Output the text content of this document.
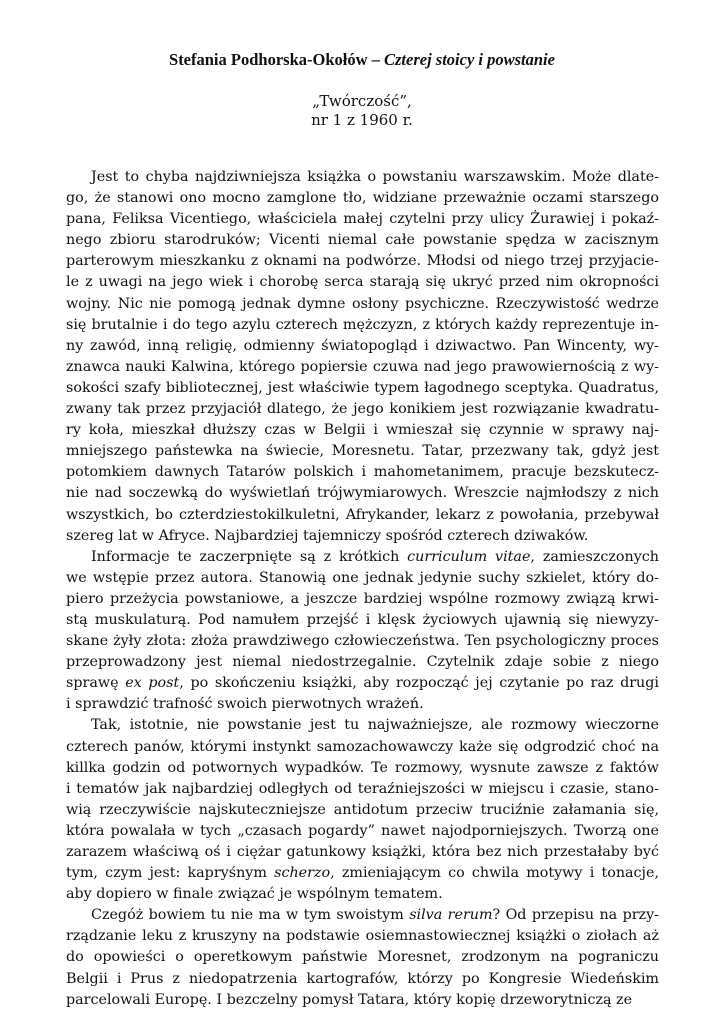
Stefania Podhorska-Okołów – Czterej stoicy i powstanie
„Twórczość”,
nr 1 z 1960 r.
Jest to chyba najdziwniejsza książka o powstaniu warszawskim. Może dlate-
go, że stanowi ono mocno zamglone tło, widziane przeważnie oczami starszego
pana, Feliksa Vicentiego, właściciela małej czytelni przy ulicy Żurawiej i pokaź-
nego zbioru starodruków; Vicenti niemal całe powstanie spędza w zacisznym
parterowym mieszkanku z oknami na podwórze. Młodsi od niego trzej przyjacie-
le z uwagi na jego wiek i chorobę serca starają się ukryć przed nim okropności
wojny. Nic nie pomogą jednak dymne osłony psychiczne. Rzeczywistość wedrze
się brutalnie i do tego azylu czterech mężczyzn, z których każdy reprezentuje in-
ny zawód, inną religię, odmienny światopogląd i dziwactwo. Pan Wincenty, wy-
znawca nauki Kalwina, którego popiersie czuwa nad jego prawowiernością z wy-
sokości szafy bibliotecznej, jest właściwie typem łagodnego sceptyka. Quadratus,
zwany tak przez przyjaciół dlatego, że jego konikiem jest rozwiązanie kwadratu-
ry koła, mieszkał dłuższy czas w Belgii i wmieszał się czynnie w sprawy naj-
mniejszego państewka na świecie, Moresnetu. Tatar, przezwany tak, gdyż jest
potomkiem dawnych Tatarów polskich i mahometanimem, pracuje bezskutecz-
nie nad soczewką do wyświetlań trójwymiarowych. Wreszcie najmłodszy z nich
wszystkich, bo czterdziestokilkuletni, Afrykander, lekarz z powołania, przebywał
szereg lat w Afryce. Najbardziej tajemniczy spośród czterech dziwaków.
Informacje te zaczerpnięte są z krótkich curriculum vitae, zamieszczonych
we wstępie przez autora. Stanowią one jednak jedynie suchy szkielet, który do-
piero przeżycia powstaniowe, a jeszcze bardziej wspólne rozmowy związą krwi-
stą muskulaturą. Pod namułem przejść i klęsk życiowych ujawnią się niewyzy-
skane żyły złota: złoża prawdziwego człowieczeństwa. Ten psychologiczny proces
przeprowadzony jest niemal niedostrzegalnie. Czytelnik zdaje sobie z niego
sprawę ex post, po skończeniu książki, aby rozpocząć jej czytanie po raz drugi
i sprawdzić trafność swoich pierwotnych wrażeń.
Tak, istotnie, nie powstanie jest tu najważniejsze, ale rozmowy wieczorne
czterech panów, którymi instynkt samozachowawczy każe się odgrodzić choć na
killka godzin od potwornych wypadków. Te rozmowy, wysnute zawsze z faktów
i tematów jak najbardziej odległych od teraźniejszości w miejscu i czasie, stano-
wią rzeczywiście najskuteczniejsze antidotum przeciw truciźnie załamania się,
która powalała w tych „czasach pogardy” nawet najodporniejszych. Tworzą one
zarazem właściwą oś i ciężar gatunkowy książki, która bez nich przestałaby być
tym, czym jest: kapryśnym scherzo, zmieniającym co chwila motywy i tonacje,
aby dopiero w finale związać je wspólnym tematem.
Czegóż bowiem tu nie ma w tym swoistym silva rerum? Od przepisu na przy-
rządzanie leku z kruszyny na podstawie osiemnastowiecznej książki o ziołach aż
do opowieści o operetkowym państwie Moresnet, zrodzonym na pograniczu
Belgii i Prus z niedopatrzenia kartografów, którzy po Kongresie Wiedeńskim
parcelowali Europę. I bezczelny pomysł Tatara, który kopię drzeworytniczą ze
